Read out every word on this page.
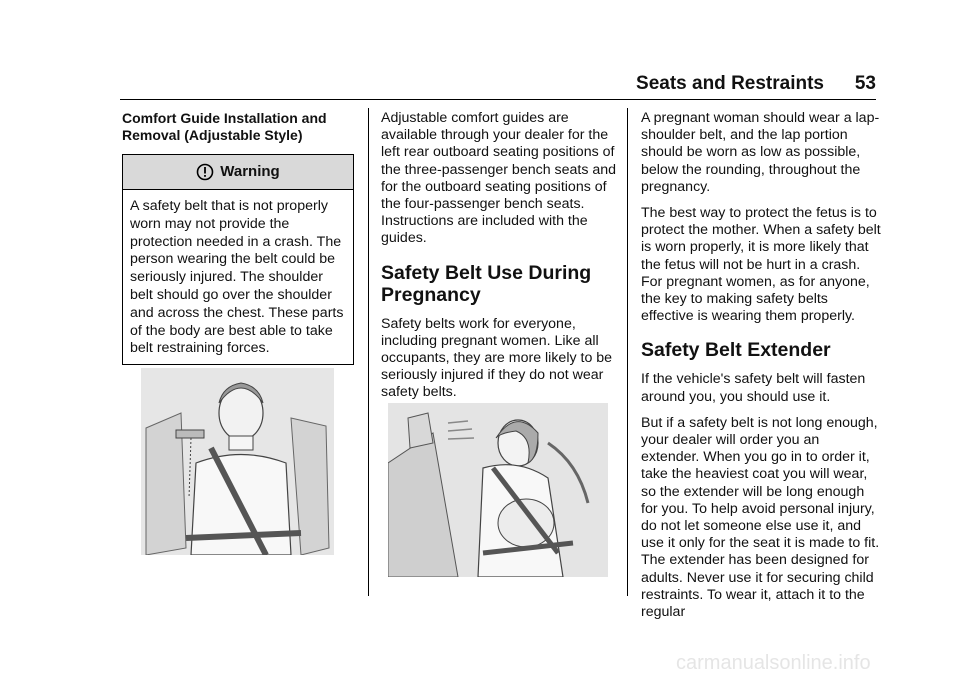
Seats and Restraints 53
Comfort Guide Installation and
Removal (Adjustable Style)
Warning
A safety belt that is not properly worn may not provide the protection needed in a crash. The person wearing the belt could be seriously injured. The shoulder belt should go over the shoulder and across the chest. These parts of the body are best able to take belt restraining forces.

Adjustable comfort guides are available through your dealer for the left rear outboard seating positions of the three-passenger bench seats and for the outboard seating positions of the four-passenger bench seats. Instructions are included with the guides.

Safety Belt Use During
Pregnancy

Safety belts work for everyone, including pregnant women. Like all occupants, they are more likely to be seriously injured if they do not wear safety belts.

A pregnant woman should wear a lap-shoulder belt, and the lap portion should be worn as low as possible, below the rounding, throughout the pregnancy.

The best way to protect the fetus is to protect the mother. When a safety belt is worn properly, it is more likely that the fetus will not be hurt in a crash. For pregnant women, as for anyone, the key to making safety belts effective is wearing them properly.

Safety Belt Extender

If the vehicle's safety belt will fasten around you, you should use it.

But if a safety belt is not long enough, your dealer will order you an extender. When you go in to order it, take the heaviest coat you will wear, so the extender will be long enough for you. To help avoid personal injury, do not let someone else use it, and use it only for the seat it is made to fit. The extender has been designed for adults. Never use it for securing child restraints. To wear it, attach it to the regular

carmanualsonline.info
